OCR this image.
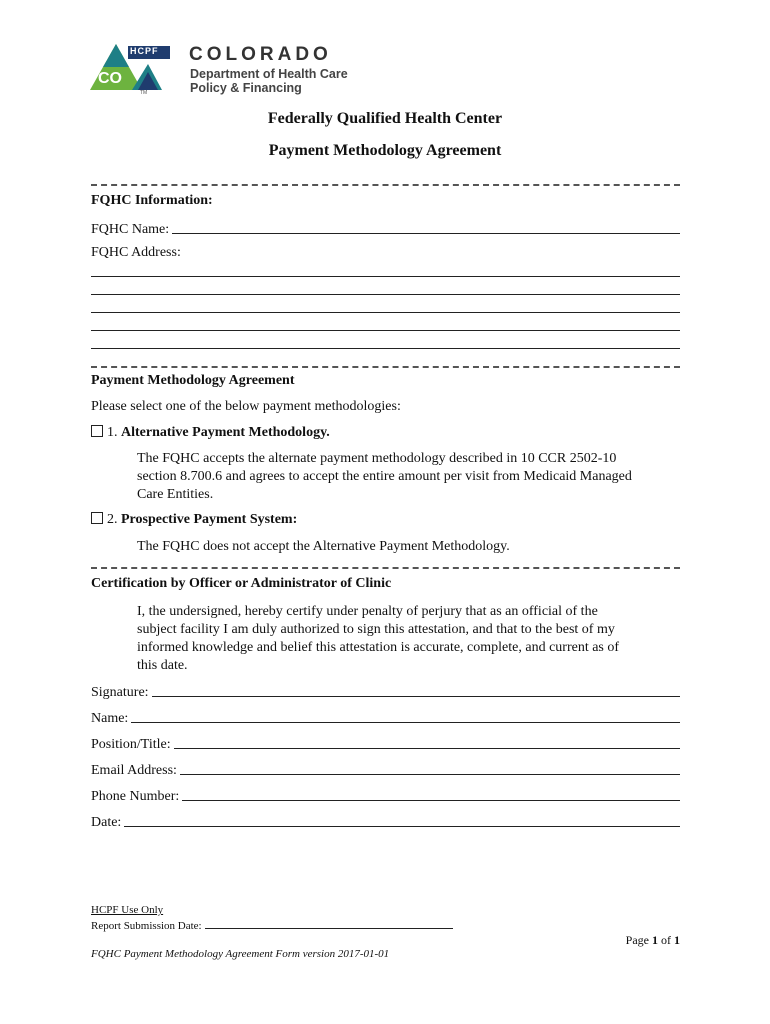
HCPF
CO
TM
COLORADO
Department of Health Care
Policy & Financing
Federally Qualified Health Center
Payment Methodology Agreement
FQHC Information:
FQHC Name:
FQHC Address:
Payment Methodology Agreement
Please select one of the below payment methodologies:
1. Alternative Payment Methodology.
The FQHC accepts the alternate payment methodology described in 10 CCR 2502-10
section 8.700.6 and agrees to accept the entire amount per visit from Medicaid Managed
Care Entities.
2. Prospective Payment System:
The FQHC does not accept the Alternative Payment Methodology.
Certification by Officer or Administrator of Clinic
I, the undersigned, hereby certify under penalty of perjury that as an official of the
subject facility I am duly authorized to sign this attestation, and that to the best of my
informed knowledge and belief this attestation is accurate, complete, and current as of
this date.
Signature:
Name:
Position/Title:
Email Address:
Phone Number:
Date:
HCPF Use Only
Report Submission Date:
Page 1 of 1
FQHC Payment Methodology Agreement Form version 2017-01-01
